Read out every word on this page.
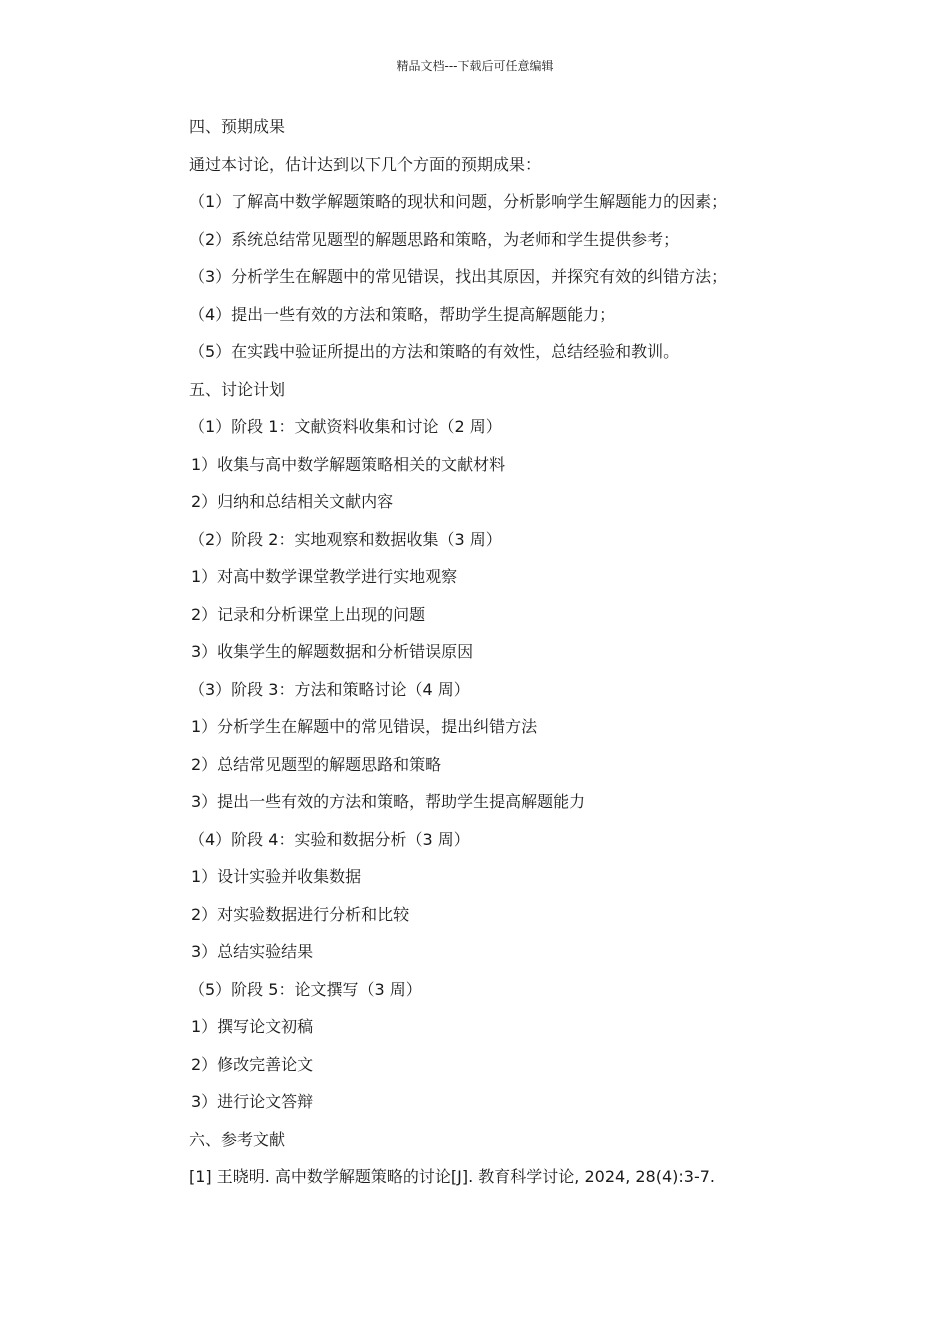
精品文档---下载后可任意编辑
四、预期成果
通过本讨论，估计达到以下几个方面的预期成果：
（1）了解高中数学解题策略的现状和问题，分析影响学生解题能力的因素；
（2）系统总结常见题型的解题思路和策略，为老师和学生提供参考；
（3）分析学生在解题中的常见错误，找出其原因，并探究有效的纠错方法；
（4）提出一些有效的方法和策略，帮助学生提高解题能力；
（5）在实践中验证所提出的方法和策略的有效性，总结经验和教训。
五、讨论计划
（1）阶段 1：文献资料收集和讨论（2 周）
1）收集与高中数学解题策略相关的文献材料
2）归纳和总结相关文献内容
（2）阶段 2：实地观察和数据收集（3 周）
1）对高中数学课堂教学进行实地观察
2）记录和分析课堂上出现的问题
3）收集学生的解题数据和分析错误原因
（3）阶段 3：方法和策略讨论（4 周）
1）分析学生在解题中的常见错误，提出纠错方法
2）总结常见题型的解题思路和策略
3）提出一些有效的方法和策略，帮助学生提高解题能力
（4）阶段 4：实验和数据分析（3 周）
1）设计实验并收集数据
2）对实验数据进行分析和比较
3）总结实验结果
（5）阶段 5：论文撰写（3 周）
1）撰写论文初稿
2）修改完善论文
3）进行论文答辩
六、参考文献
[1] 王晓明. 高中数学解题策略的讨论[J]. 教育科学讨论, 2024, 28(4):3-7.
